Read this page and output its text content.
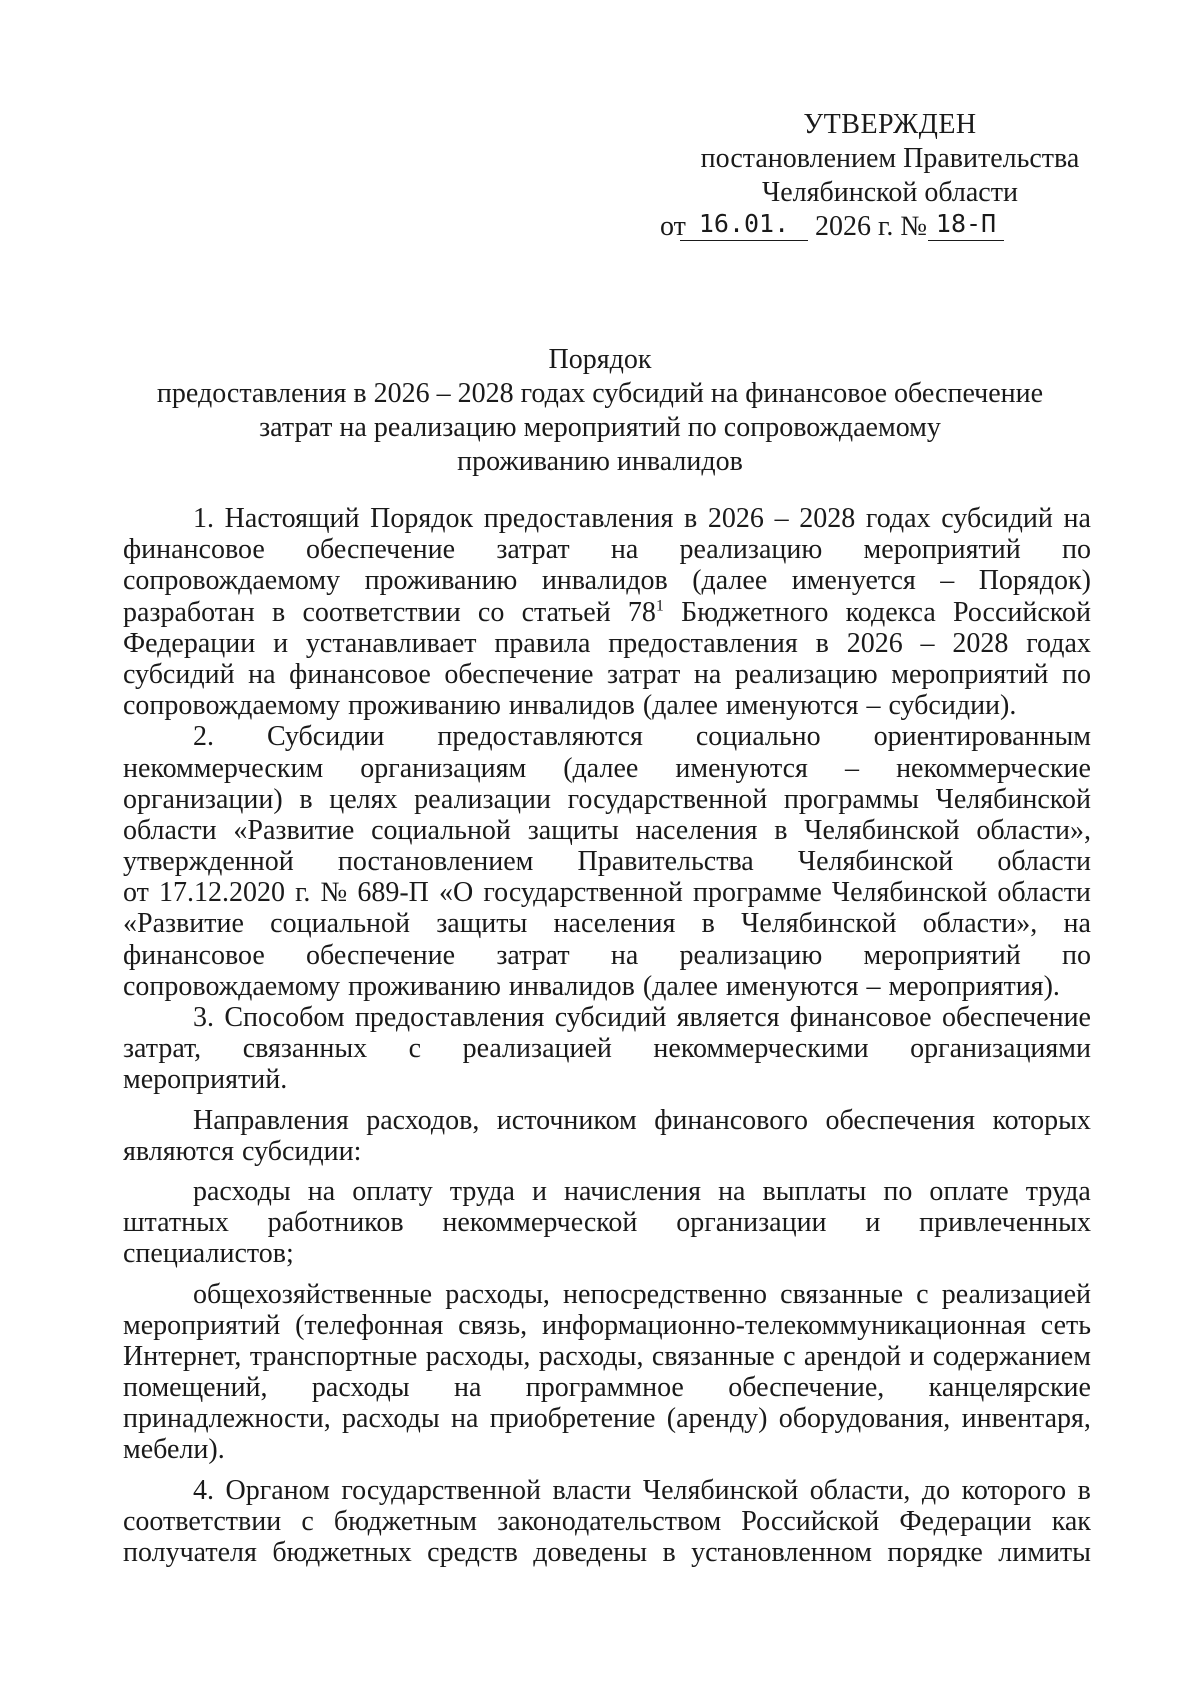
УТВЕРЖДЕН
постановлением Правительства
Челябинской области
от 16.01. 2026 г. № 18-П
Порядок
предоставления в 2026 – 2028 годах субсидий на финансовое обеспечение
затрат на реализацию мероприятий по сопровождаемому
проживанию инвалидов
1. Настоящий Порядок предоставления в 2026 – 2028 годах субсидий на
финансовое обеспечение затрат на реализацию мероприятий по
сопровождаемому проживанию инвалидов (далее именуется – Порядок)
разработан в соответствии со статьей $78^1$ Бюджетного кодекса Российской
Федерации и устанавливает правила предоставления в 2026 – 2028 годах
субсидий на финансовое обеспечение затрат на реализацию мероприятий по
сопровождаемому проживанию инвалидов (далее именуются – субсидии).
2. Субсидии предоставляются социально ориентированным
некоммерческим организациям (далее именуются – некоммерческие
организации) в целях реализации государственной программы Челябинской
области «Развитие социальной защиты населения в Челябинской области»,
утвержденной постановлением Правительства Челябинской области
от 17.12.2020 г. № 689-П «О государственной программе Челябинской области
«Развитие социальной защиты населения в Челябинской области», на
финансовое обеспечение затрат на реализацию мероприятий по
сопровождаемому проживанию инвалидов (далее именуются – мероприятия).
3. Способом предоставления субсидий является финансовое обеспечение
затрат, связанных с реализацией некоммерческими организациями
мероприятий.
Направления расходов, источником финансового обеспечения которых
являются субсидии:
расходы на оплату труда и начисления на выплаты по оплате труда
штатных работников некоммерческой организации и привлеченных
специалистов;
общехозяйственные расходы, непосредственно связанные с реализацией
мероприятий (телефонная связь, информационно-телекоммуникационная сеть
Интернет, транспортные расходы, расходы, связанные с арендой и содержанием
помещений, расходы на программное обеспечение, канцелярские
принадлежности, расходы на приобретение (аренду) оборудования, инвентаря,
мебели).
4. Органом государственной власти Челябинской области, до которого в
соответствии с бюджетным законодательством Российской Федерации как
получателя бюджетных средств доведены в установленном порядке лимиты
